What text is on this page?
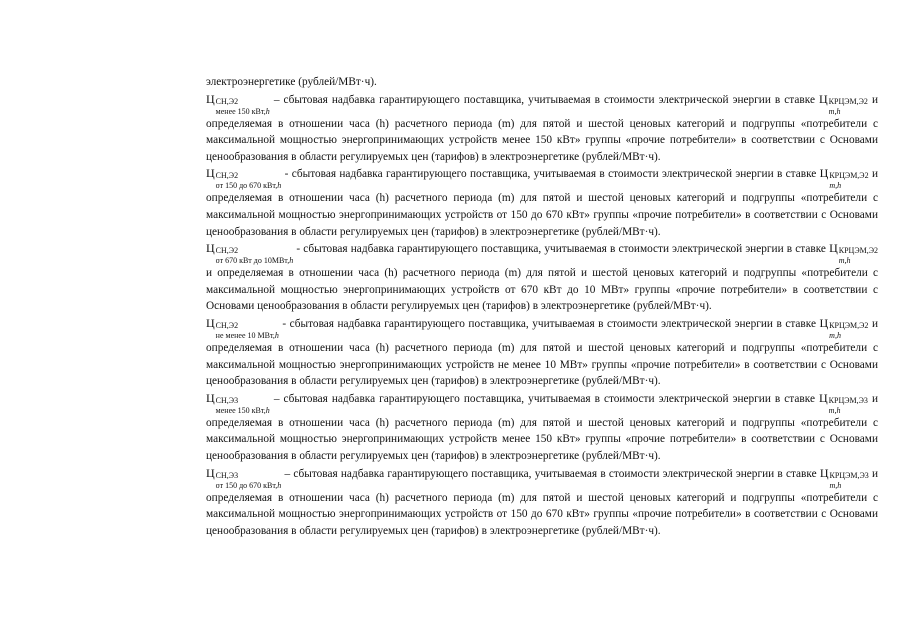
электроэнергетике (рублей/МВт·ч).

Ц СН,Э2
менее 150 кВт,h
– сбытовая надбавка гарантирующего поставщика, учитываемая в стоимости электрической энергии в ставке Ц КРЦЭМ,Э2
m,h
и определяемая в отношении часа (h) расчетного периода (m) для пятой и шестой ценовых категорий и подгруппы «потребители с максимальной мощностью энергопринимающих устройств менее 150 кВт» группы «прочие потребители» в соответствии с Основами ценообразования в области регулируемых цен (тарифов) в электроэнергетике (рублей/МВт·ч).

Ц СН,Э2
от 150 до 670 кВт,h
- сбытовая надбавка гарантирующего поставщика, учитываемая в стоимости электрической энергии в ставке Ц КРЦЭМ,Э2
m,h
и определяемая в отношении часа (h) расчетного периода (m) для пятой и шестой ценовых категорий и подгруппы «потребители с максимальной мощностью энергопринимающих устройств от 150 до 670 кВт» группы «прочие потребители» в соответствии с Основами ценообразования в области регулируемых цен (тарифов) в электроэнергетике (рублей/МВт·ч).

Ц СН,Э2
от 670 кВт до 10МВт,h
- сбытовая надбавка гарантирующего поставщика, учитываемая в стоимости электрической энергии в ставке Ц КРЦЭМ,Э2
m,h
и определяемая в отношении часа (h) расчетного периода (m) для пятой и шестой ценовых категорий и подгруппы «потребители с максимальной мощностью энергопринимающих устройств от 670 кВт до 10 МВт» группы «прочие потребители» в соответствии с Основами ценообразования в области регулируемых цен (тарифов) в электроэнергетике (рублей/МВт·ч).

Ц СН,Э2
не менее 10 МВт,h
- сбытовая надбавка гарантирующего поставщика, учитываемая в стоимости электрической энергии в ставке Ц КРЦЭМ,Э2
m,h
и определяемая в отношении часа (h) расчетного периода (m) для пятой и шестой ценовых категорий и подгруппы «потребители с максимальной мощностью энергопринимающих устройств не менее 10 МВт» группы «прочие потребители» в соответствии с Основами ценообразования в области регулируемых цен (тарифов) в электроэнергетике (рублей/МВт·ч).

Ц СН,Э3
менее 150 кВт,h
– сбытовая надбавка гарантирующего поставщика, учитываемая в стоимости электрической энергии в ставке Ц КРЦЭМ,Э3
m,h
и определяемая в отношении часа (h) расчетного периода (m) для пятой и шестой ценовых категорий и подгруппы «потребители с максимальной мощностью энергопринимающих устройств менее 150 кВт» группы «прочие потребители» в соответствии с Основами ценообразования в области регулируемых цен (тарифов) в электроэнергетике (рублей/МВт·ч).

Ц СН,Э3
от 150 до 670 кВт,h
– сбытовая надбавка гарантирующего поставщика, учитываемая в стоимости электрической энергии в ставке Ц КРЦЭМ,Э3
m,h
и определяемая в отношении часа (h) расчетного периода (m) для пятой и шестой ценовых категорий и подгруппы «потребители с максимальной мощностью энергопринимающих устройств от 150 до 670 кВт» группы «прочие потребители» в соответствии с Основами ценообразования в области регулируемых цен (тарифов) в электроэнергетике (рублей/МВт·ч).
